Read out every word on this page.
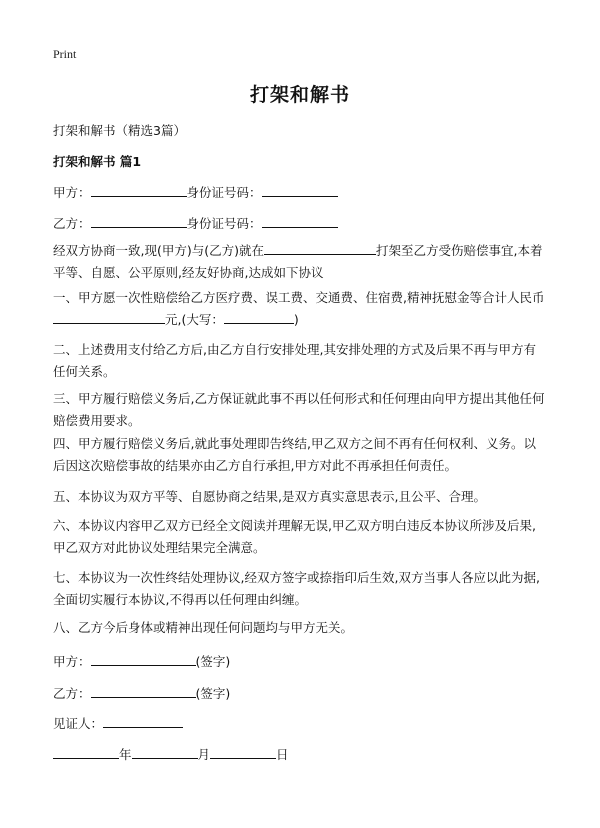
Print
打架和解书
打架和解书（精选3篇）
打架和解书 篇1
甲方：	身份证号码：
乙方：	身份证号码：
经双方协商一致,现(甲方)与(乙方)就在	打架至乙方受伤赔偿事宜,本着平等、自愿、公平原则,经友好协商,达成如下协议
一、甲方愿一次性赔偿给乙方医疗费、误工费、交通费、住宿费,精神抚慰金等合计人民币元,(大写：	)
二、上述费用支付给乙方后,由乙方自行安排处理,其安排处理的方式及后果不再与甲方有任何关系。
三、甲方履行赔偿义务后,乙方保证就此事不再以任何形式和任何理由向甲方提出其他任何赔偿费用要求。
四、甲方履行赔偿义务后,就此事处理即告终结,甲乙双方之间不再有任何权利、义务。以后因这次赔偿事故的结果亦由乙方自行承担,甲方对此不再承担任何责任。
五、本协议为双方平等、自愿协商之结果,是双方真实意思表示,且公平、合理。
六、本协议内容甲乙双方已经全文阅读并理解无误,甲乙双方明白违反本协议所涉及后果,甲乙双方对此协议处理结果完全满意。
七、本协议为一次性终结处理协议,经双方签字或捺指印后生效,双方当事人各应以此为据,全面切实履行本协议,不得再以任何理由纠缠。
八、乙方今后身体或精神出现任何问题均与甲方无关。
甲方：	(签字)
乙方：	(签字)
见证人：
年	月	日
